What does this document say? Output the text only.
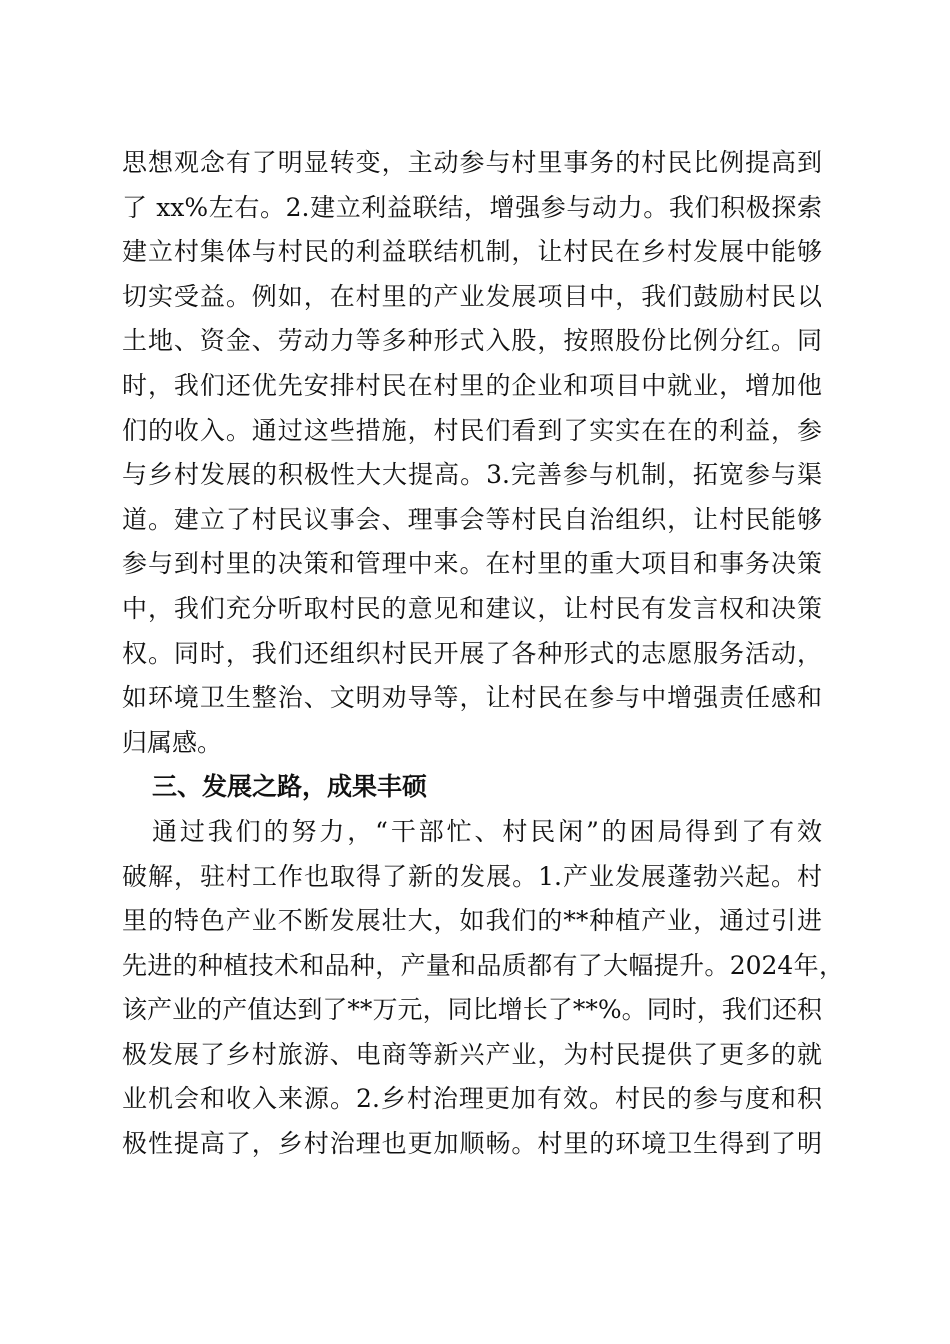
思想观念有了明显转变，主动参与村里事务的村民比例提高到
了 xx%左右。2.建立利益联结，增强参与动力。我们积极探索
建立村集体与村民的利益联结机制，让村民在乡村发展中能够
切实受益。例如，在村里的产业发展项目中，我们鼓励村民以
土地、资金、劳动力等多种形式入股，按照股份比例分红。同
时，我们还优先安排村民在村里的企业和项目中就业，增加他
们的收入。通过这些措施，村民们看到了实实在在的利益，参
与乡村发展的积极性大大提高。3.完善参与机制，拓宽参与渠
道。建立了村民议事会、理事会等村民自治组织，让村民能够
参与到村里的决策和管理中来。在村里的重大项目和事务决策
中，我们充分听取村民的意见和建议，让村民有发言权和决策
权。同时，我们还组织村民开展了各种形式的志愿服务活动，
如环境卫生整治、文明劝导等，让村民在参与中增强责任感和
归属感。
三、发展之路，成果丰硕
通过我们的努力，“干部忙、村民闲”的困局得到了有效
破解，驻村工作也取得了新的发展。1.产业发展蓬勃兴起。村
里的特色产业不断发展壮大，如我们的**种植产业，通过引进
先进的种植技术和品种，产量和品质都有了大幅提升。2024年，
该产业的产值达到了**万元，同比增长了**%。同时，我们还积
极发展了乡村旅游、电商等新兴产业，为村民提供了更多的就
业机会和收入来源。2.乡村治理更加有效。村民的参与度和积
极性提高了，乡村治理也更加顺畅。村里的环境卫生得到了明
